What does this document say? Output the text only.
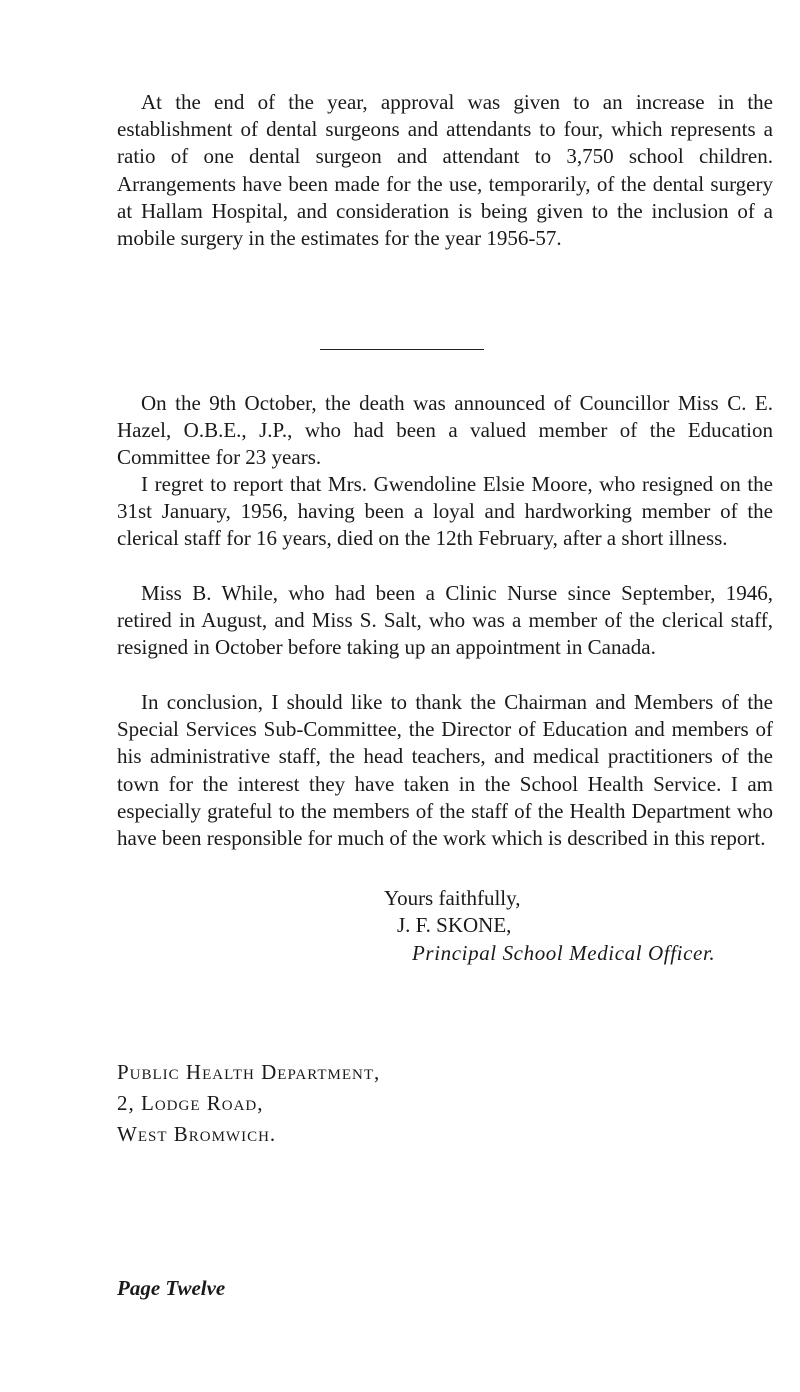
At the end of the year, approval was given to an increase in the establishment of dental surgeons and attendants to four, which represents a ratio of one dental surgeon and attendant to 3,750 school children. Arrangements have been made for the use, temporarily, of the dental surgery at Hallam Hospital, and consideration is being given to the inclusion of a mobile surgery in the estimates for the year 1956-57.

On the 9th October, the death was announced of Councillor Miss C. E. Hazel, O.B.E., J.P., who had been a valued member of the Education Committee for 23 years.

I regret to report that Mrs. Gwendoline Elsie Moore, who resigned on the 31st January, 1956, having been a loyal and hardworking member of the clerical staff for 16 years, died on the 12th February, after a short illness.

Miss B. While, who had been a Clinic Nurse since September, 1946, retired in August, and Miss S. Salt, who was a member of the clerical staff, resigned in October before taking up an appointment in Canada.

In conclusion, I should like to thank the Chairman and Members of the Special Services Sub-Committee, the Director of Education and members of his administrative staff, the head teachers, and medical practitioners of the town for the interest they have taken in the School Health Service. I am especially grateful to the members of the staff of the Health Department who have been responsible for much of the work which is described in this report.

Yours faithfully,
J. F. SKONE,
Principal School Medical Officer.
Public Health Department,
2, Lodge Road,
West Bromwich.
Page Twelve
